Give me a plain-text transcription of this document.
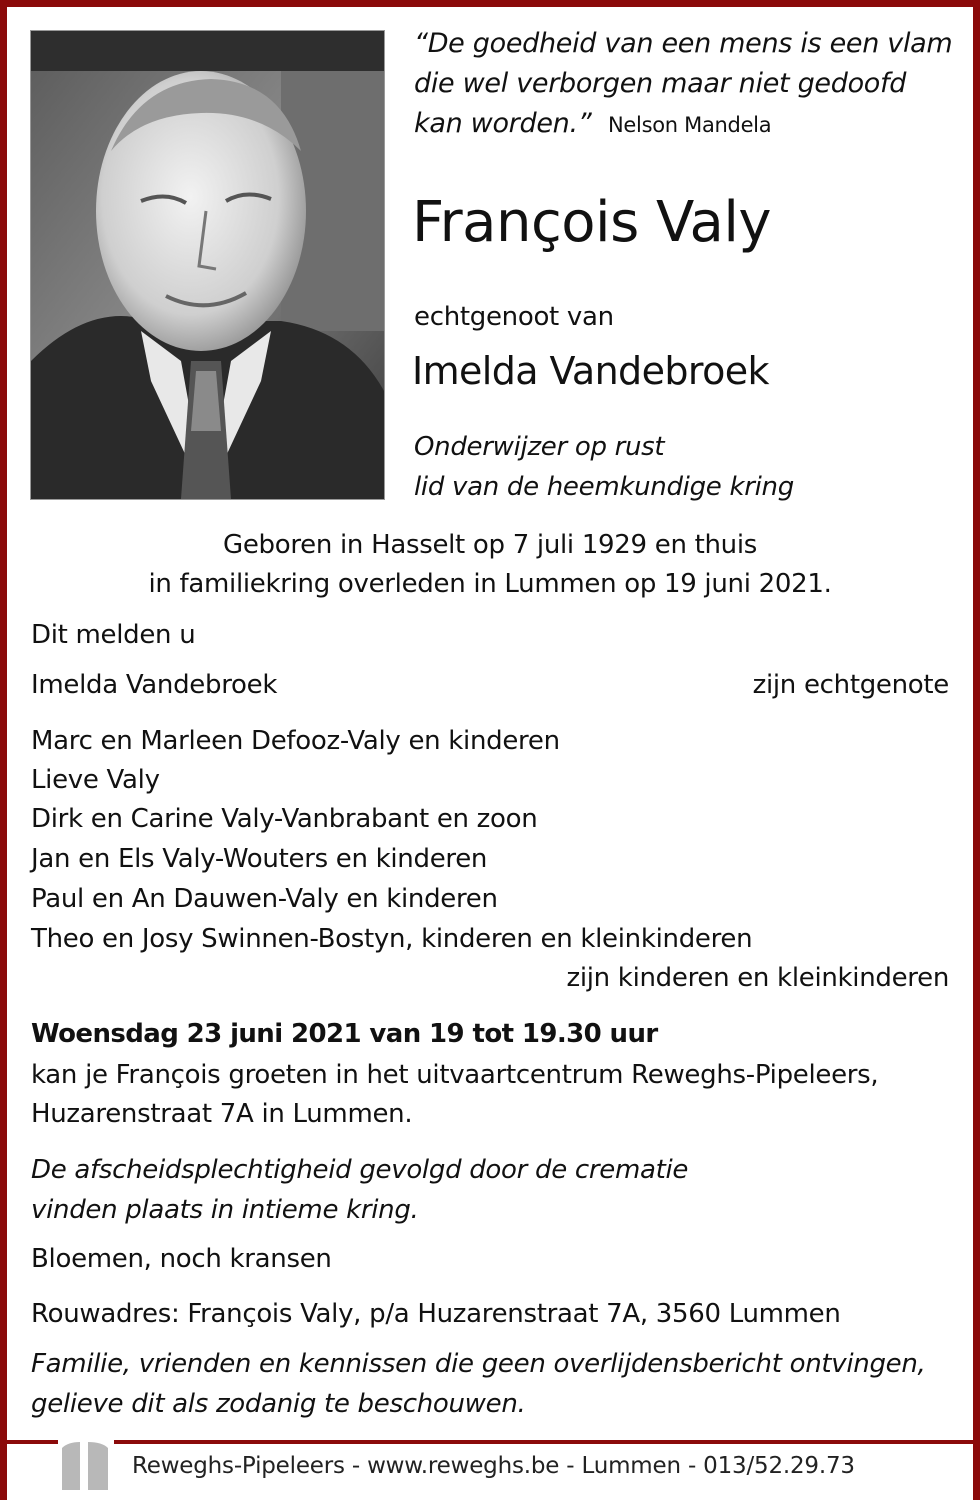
“De goedheid van een mens is een vlam
die wel verborgen maar niet gedoofd
kan worden.” Nelson Mandela
François Valy
echtgenoot van
Imelda Vandebroek
Onderwijzer op rust
lid van de heemkundige kring
Geboren in Hasselt op 7 juli 1929 en thuis
in familiekring overleden in Lummen op 19 juni 2021.
Dit melden u
Imelda Vandebroek	zijn echtgenote
Marc en Marleen Defooz-Valy en kinderen
Lieve Valy
Dirk en Carine Valy-Vanbrabant en zoon
Jan en Els Valy-Wouters en kinderen
Paul en An Dauwen-Valy en kinderen
Theo en Josy Swinnen-Bostyn, kinderen en kleinkinderen
zijn kinderen en kleinkinderen
Woensdag 23 juni 2021 van 19 tot 19.30 uur
kan je François groeten in het uitvaartcentrum Reweghs-Pipeleers,
Huzarenstraat 7A in Lummen.
De afscheidsplechtigheid gevolgd door de crematie
vinden plaats in intieme kring.
Bloemen, noch kransen
Rouwadres: François Valy, p/a Huzarenstraat 7A, 3560 Lummen
Familie, vrienden en kennissen die geen overlijdensbericht ontvingen,
gelieve dit als zodanig te beschouwen.
Reweghs-Pipeleers - www.reweghs.be - Lummen - 013/52.29.73
